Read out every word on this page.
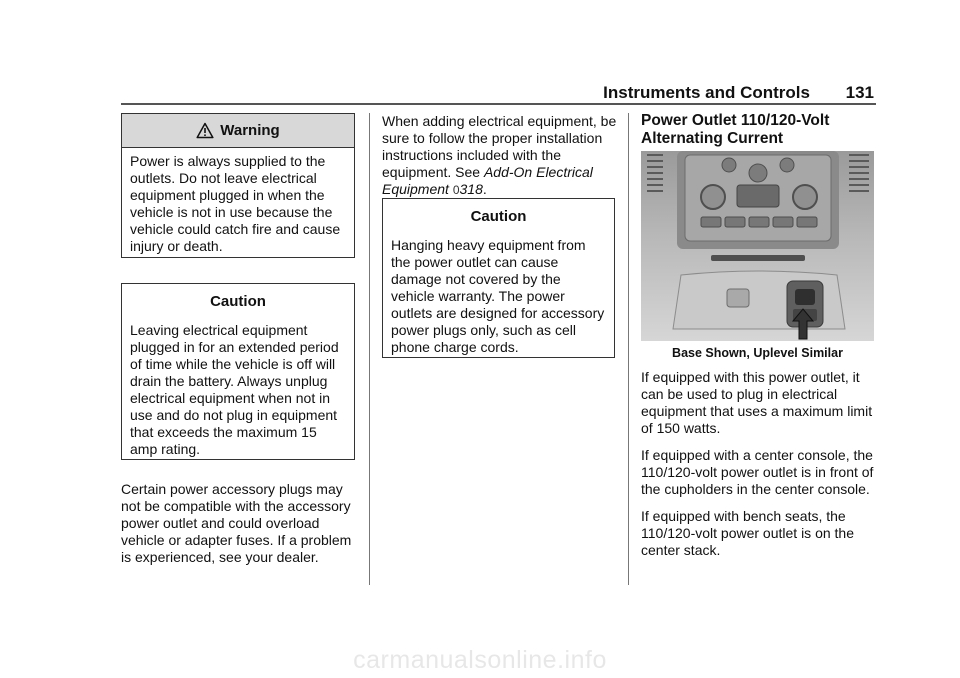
Instruments and Controls 131
Warning
Power is always supplied to the outlets. Do not leave electrical equipment plugged in when the vehicle is not in use because the vehicle could catch fire and cause injury or death.
Caution
Leaving electrical equipment plugged in for an extended period of time while the vehicle is off will drain the battery. Always unplug electrical equipment when not in use and do not plug in equipment that exceeds the maximum 15 amp rating.
Certain power accessory plugs may not be compatible with the accessory power outlet and could overload vehicle or adapter fuses. If a problem is experienced, see your dealer.
When adding electrical equipment, be sure to follow the proper installation instructions included with the equipment. See Add-On Electrical Equipment 0318.
Caution
Hanging heavy equipment from the power outlet can cause damage not covered by the vehicle warranty. The power outlets are designed for accessory power plugs only, such as cell phone charge cords.
Power Outlet 110/120-Volt Alternating Current
Base Shown, Uplevel Similar
If equipped with this power outlet, it can be used to plug in electrical equipment that uses a maximum limit of 150 watts.
If equipped with a center console, the 110/120-volt power outlet is in front of the cupholders in the center console.
If equipped with bench seats, the 110/120-volt power outlet is on the center stack.
carmanualsonline.info
